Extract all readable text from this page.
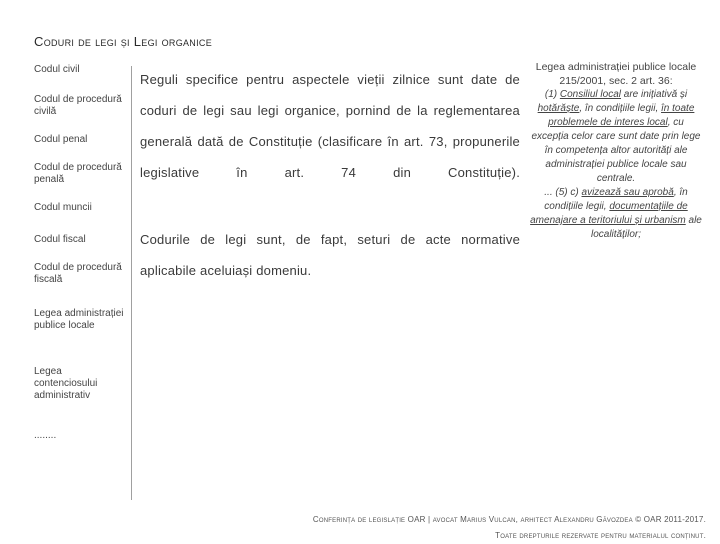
Coduri de legi și Legi organice
Codul civil
Codul de procedură civilă
Codul penal
Codul de procedură penală
Codul muncii
Codul fiscal
Codul de procedură fiscală
Legea administrației publice locale
Legea contenciosului administrativ
........
Reguli specifice pentru aspectele vieții zilnice sunt date de coduri de legi sau legi organice, pornind de la reglementarea generală dată de Constituție (clasificare în art. 73, propunerile legislative în art. 74 din Constituție).
Codurile de legi sunt, de fapt, seturi de acte normative aplicabile aceluiași domeniu.
Legea administrației publice locale 215/2001, sec. 2 art. 36:
(1) Consiliul local are inițiativă și hotărăște, în condițiile legii, în toate problemele de interes local, cu excepția celor care sunt date prin lege în competența altor autorități ale administrației publice locale sau centrale.
... (5) c) avizează sau aprobă, în condițiile legii, documentațiile de amenajare a teritoriului și urbanism ale localităților;
Conferința de legislație OAR | avocat Marius Vulcan, arhitect Alexandru Găvozdea © OAR 2011-2017.
Toate drepturile rezervate pentru materialul conținut.
